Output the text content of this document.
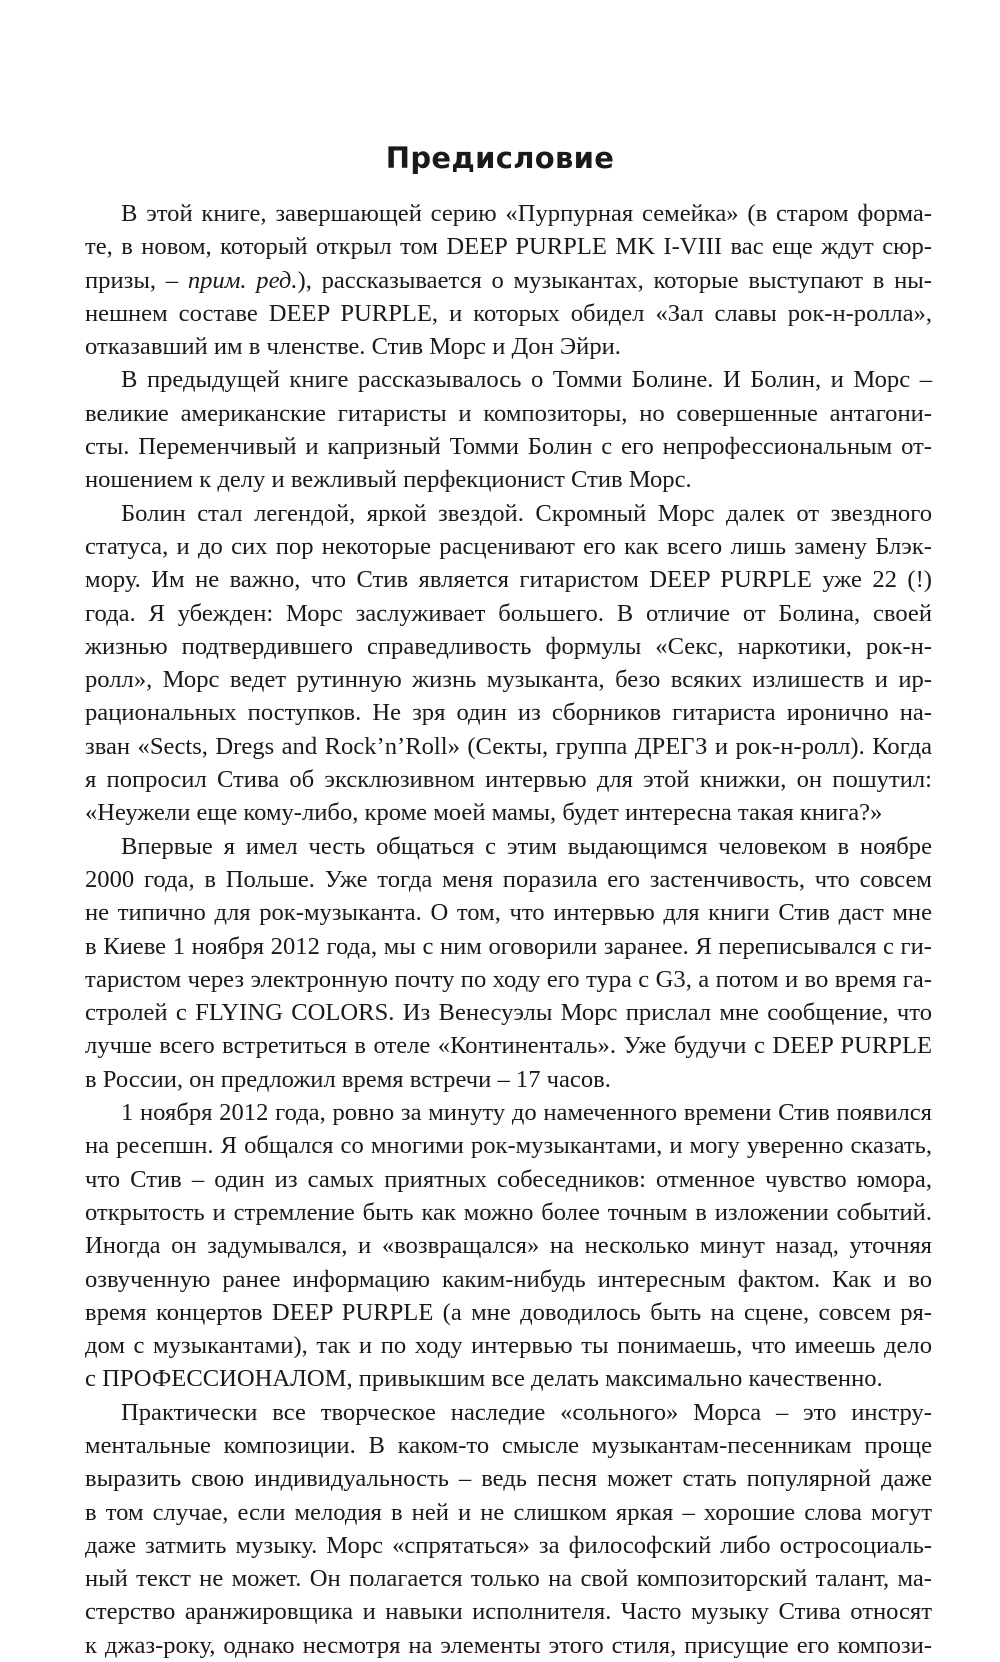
Предисловие
В этой книге, завершающей серию «Пурпурная семейка» (в старом форма-
те, в новом, который открыл том DEEP PURPLE MK I-VIII вас еще ждут сюр-
призы, – прим. ред.), рассказывается о музыкантах, которые выступают в ны-
нешнем составе DEEP PURPLE, и которых обидел «Зал славы рок-н-ролла»,
отказавший им в членстве. Стив Морс и Дон Эйри.
В предыдущей книге рассказывалось о Томми Болине. И Болин, и Морс –
великие американские гитаристы и композиторы, но совершенные антагони-
сты. Переменчивый и капризный Томми Болин с его непрофессиональным от-
ношением к делу и вежливый перфекционист Стив Морс.
Болин стал легендой, яркой звездой. Скромный Морс далек от звездного
статуса, и до сих пор некоторые расценивают его как всего лишь замену Блэк-
мору. Им не важно, что Стив является гитаристом DEEP PURPLE уже 22 (!)
года. Я убежден: Морс заслуживает большего. В отличие от Болина, своей
жизнью подтвердившего справедливость формулы «Секс, наркотики, рок-н-
ролл», Морс ведет рутинную жизнь музыканта, безо всяких излишеств и ир-
рациональных поступков. Не зря один из сборников гитариста иронично на-
зван «Sects, Dregs and Rock’n’Roll» (Секты, группа ДРЕГЗ и рок-н-ролл). Когда
я попросил Стива об эксклюзивном интервью для этой книжки, он пошутил:
«Неужели еще кому-либо, кроме моей мамы, будет интересна такая книга?»
Впервые я имел честь общаться с этим выдающимся человеком в ноябре
2000 года, в Польше. Уже тогда меня поразила его застенчивость, что совсем
не типично для рок-музыканта. О том, что интервью для книги Стив даст мне
в Киеве 1 ноября 2012 года, мы с ним оговорили заранее. Я переписывался с ги-
таристом через электронную почту по ходу его тура с G3, а потом и во время га-
стролей с FLYING COLORS. Из Венесуэлы Морс прислал мне сообщение, что
лучше всего встретиться в отеле «Континенталь». Уже будучи с DEEP PURPLE
в России, он предложил время встречи – 17 часов.
1 ноября 2012 года, ровно за минуту до намеченного времени Стив появился
на ресепшн. Я общался со многими рок-музыкантами, и могу уверенно сказать,
что Стив – один из самых приятных собеседников: отменное чувство юмора,
открытость и стремление быть как можно более точным в изложении событий.
Иногда он задумывался, и «возвращался» на несколько минут назад, уточняя
озвученную ранее информацию каким-нибудь интересным фактом. Как и во
время концертов DEEP PURPLE (а мне доводилось быть на сцене, совсем ря-
дом с музыкантами), так и по ходу интервью ты понимаешь, что имеешь дело
с ПРОФЕССИОНАЛОМ, привыкшим все делать максимально качественно.
Практически все творческое наследие «сольного» Морса – это инстру-
ментальные композиции. В каком-то смысле музыкантам-песенникам проще
выразить свою индивидуальность – ведь песня может стать популярной даже
в том случае, если мелодия в ней и не слишком яркая – хорошие слова могут
даже затмить музыку. Морс «спрятаться» за философский либо остросоциаль-
ный текст не может. Он полагается только на свой композиторский талант, ма-
стерство аранжировщика и навыки исполнителя. Часто музыку Стива относят
к джаз-року, однако несмотря на элементы этого стиля, присущие его компози-
